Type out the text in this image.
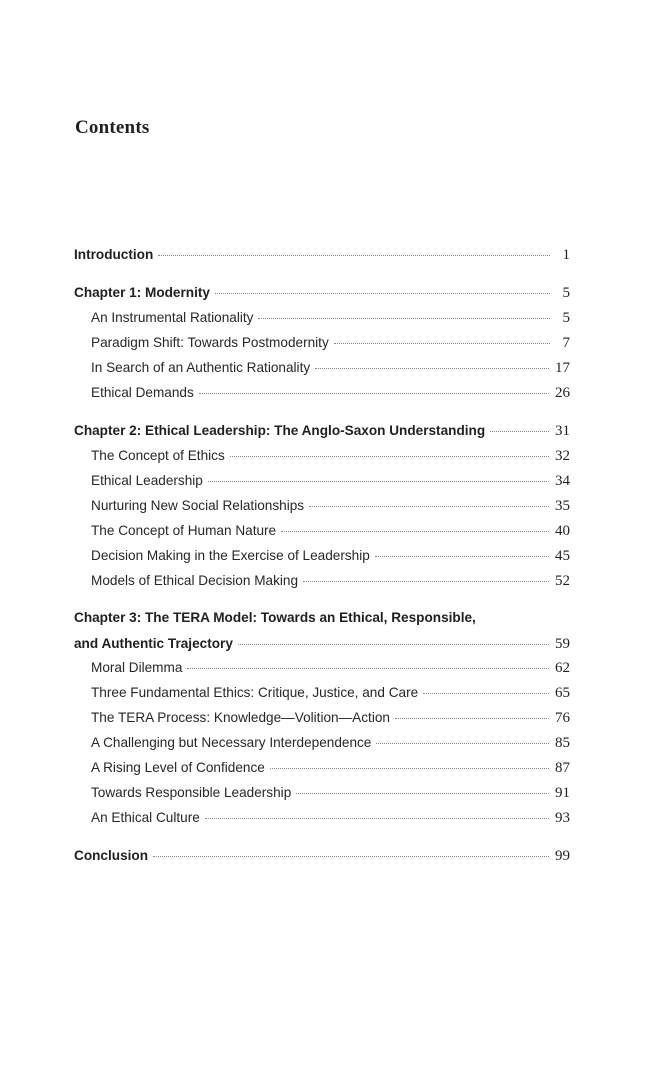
Contents
Introduction	1
Chapter 1: Modernity	5
An Instrumental Rationality	5
Paradigm Shift: Towards Postmodernity	7
In Search of an Authentic Rationality	17
Ethical Demands	26
Chapter 2: Ethical Leadership: The Anglo-Saxon Understanding	31
The Concept of Ethics	32
Ethical Leadership	34
Nurturing New Social Relationships	35
The Concept of Human Nature	40
Decision Making in the Exercise of Leadership	45
Models of Ethical Decision Making	52
Chapter 3: The TERA Model: Towards an Ethical, Responsible,
and Authentic Trajectory	59
Moral Dilemma	62
Three Fundamental Ethics: Critique, Justice, and Care	65
The TERA Process: Knowledge—Volition—Action	76
A Challenging but Necessary Interdependence	85
A Rising Level of Confidence	87
Towards Responsible Leadership	91
An Ethical Culture	93
Conclusion	99
